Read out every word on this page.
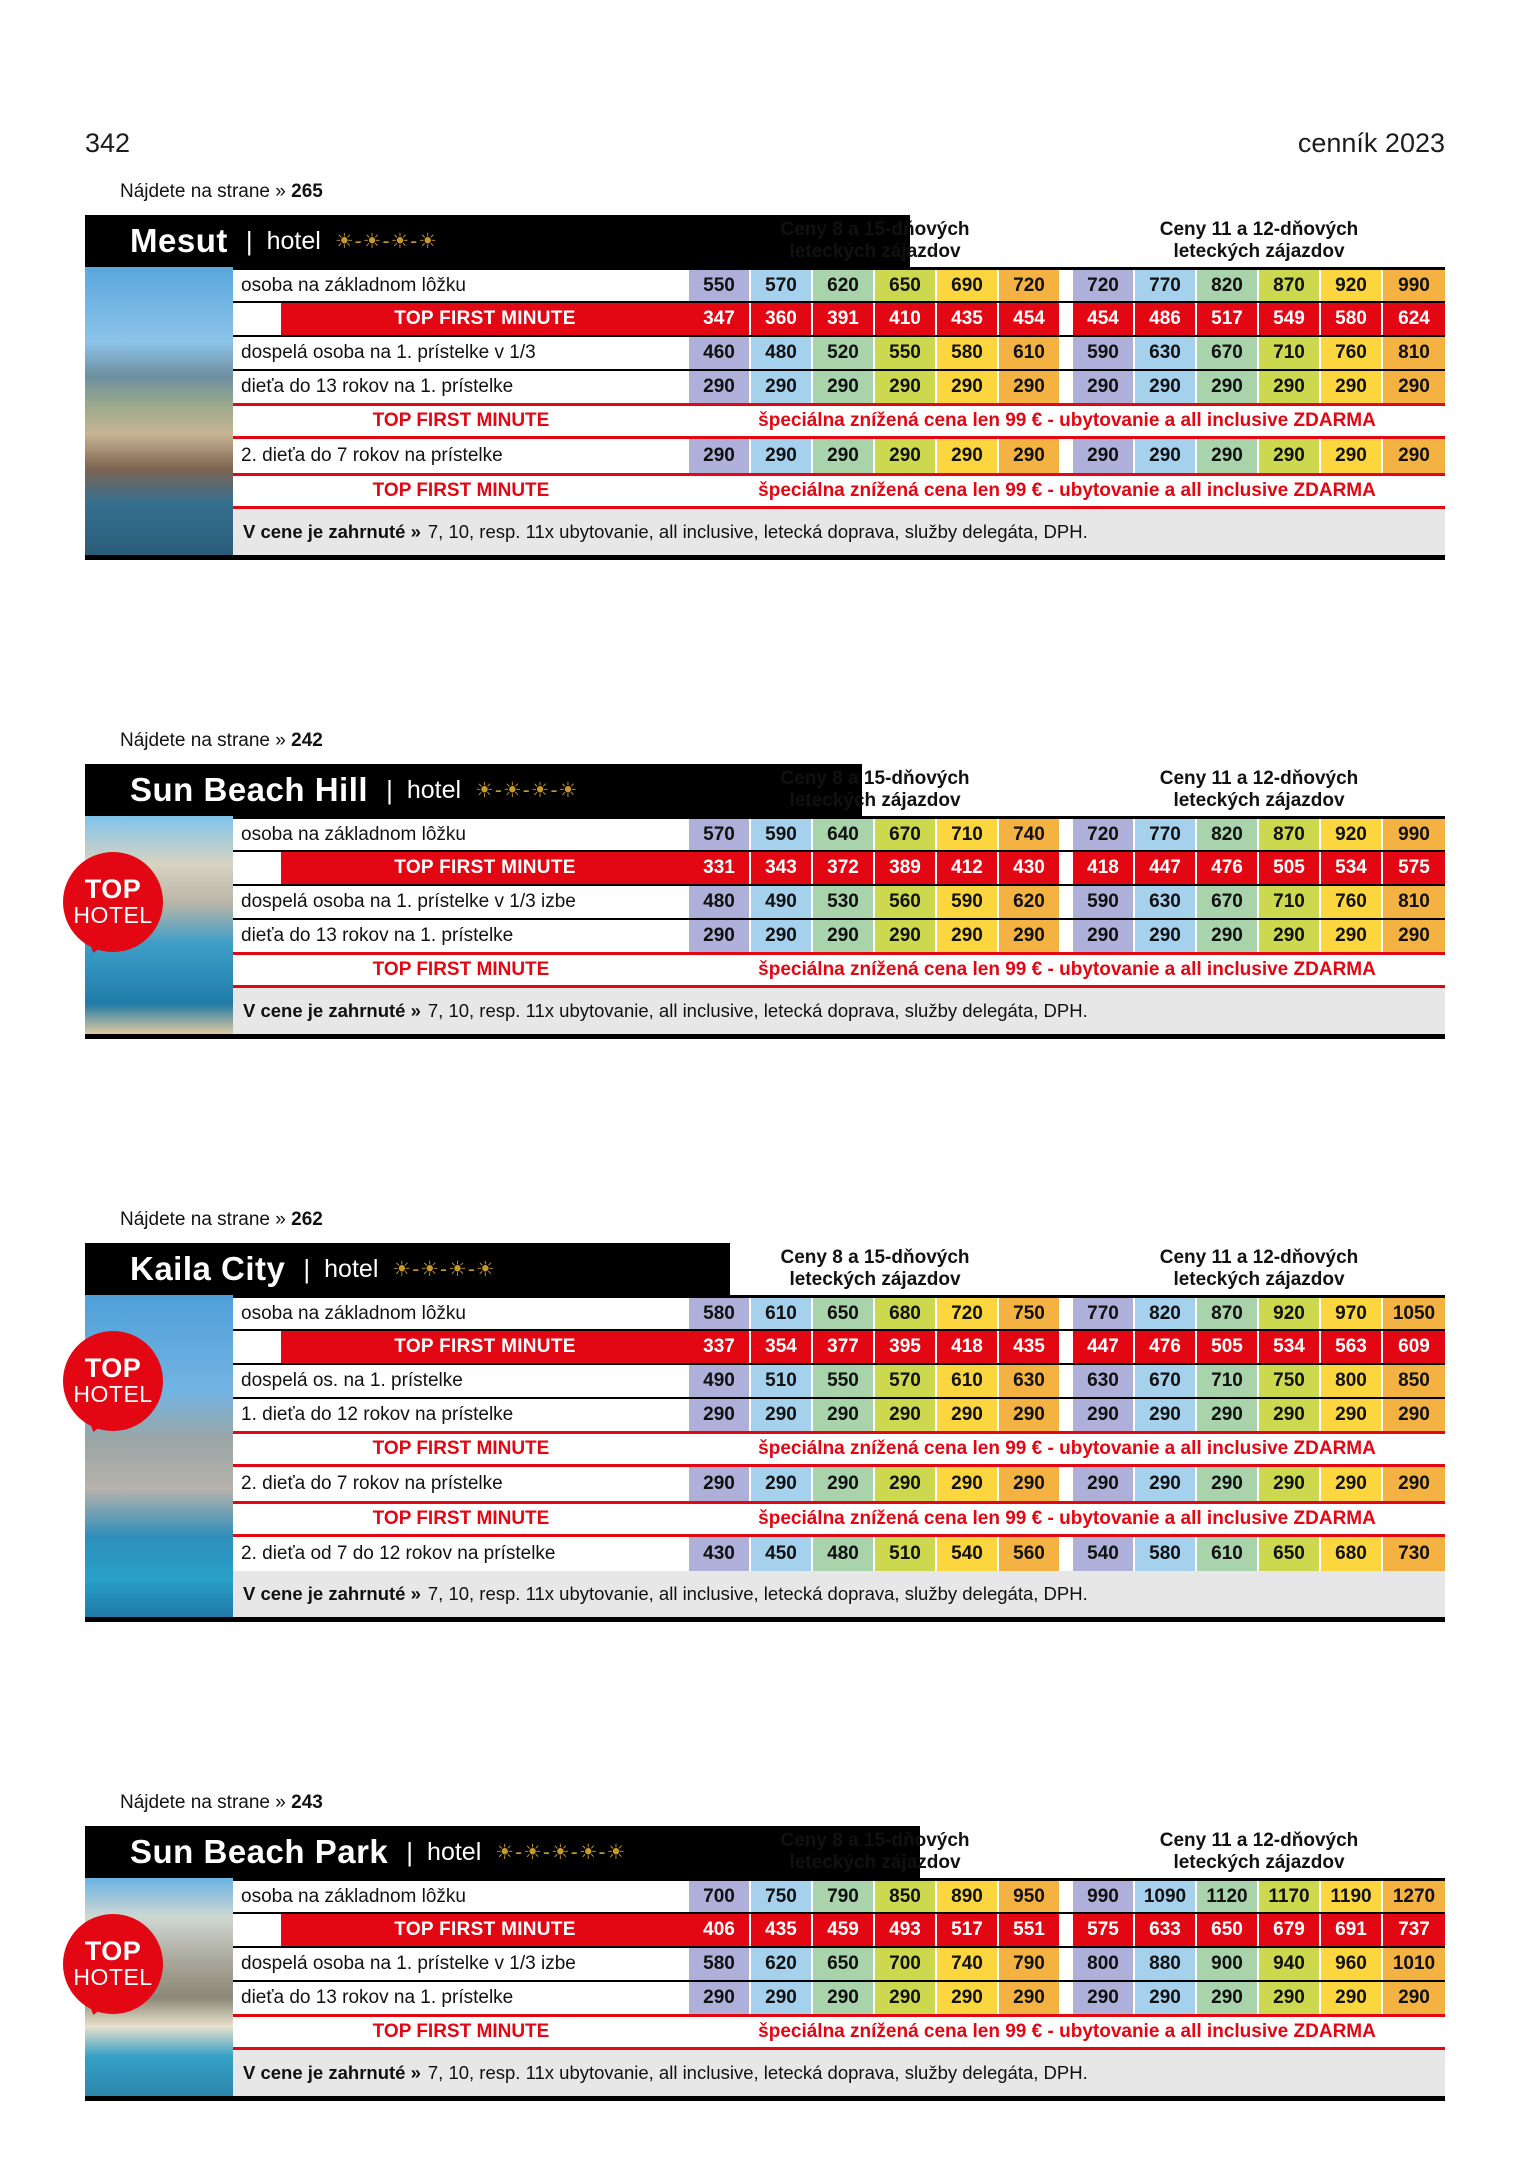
342	cenník 2023
Nájdete na strane » 265
Mesut | hotel ☀-☀-☀-☀	Ceny 8 a 15-dňových
leteckých zájazdov
Ceny 11 a 12-dňových
leteckých zájazdov
osoba na základnom lôžku	550	570	620	650	690	720	720	770	820	870	920	990
TOP FIRST MINUTE	347	360	391	410	435	454	454	486	517	549	580	624
dospelá osoba na 1. prístelke v 1/3	460	480	520	550	580	610	590	630	670	710	760	810
dieťa do 13 rokov na 1. prístelke	290	290	290	290	290	290	290	290	290	290	290	290
TOP FIRST MINUTE	špeciálna znížená cena len 99 € - ubytovanie a all inclusive ZDARMA
2. dieťa do 7 rokov na prístelke	290	290	290	290	290	290	290	290	290	290	290	290
TOP FIRST MINUTE	špeciálna znížená cena len 99 € - ubytovanie a all inclusive ZDARMA
V cene je zahrnuté » 7, 10, resp. 11x ubytovanie, all inclusive, letecká doprava, služby delegáta, DPH.
Nájdete na strane » 242
Sun Beach Hill | hotel ☀-☀-☀-☀	Ceny 8 a 15-dňových
leteckých zájazdov
Ceny 11 a 12-dňových
leteckých zájazdov
TOP
HOTEL
osoba na základnom lôžku	570	590	640	670	710	740	720	770	820	870	920	990
TOP FIRST MINUTE	331	343	372	389	412	430	418	447	476	505	534	575
dospelá osoba na 1. prístelke v 1/3 izbe	480	490	530	560	590	620	590	630	670	710	760	810
dieťa do 13 rokov na 1. prístelke	290	290	290	290	290	290	290	290	290	290	290	290
TOP FIRST MINUTE	špeciálna znížená cena len 99 € - ubytovanie a all inclusive ZDARMA
V cene je zahrnuté » 7, 10, resp. 11x ubytovanie, all inclusive, letecká doprava, služby delegáta, DPH.
Nájdete na strane » 262
Kaila City | hotel ☀-☀-☀-☀	Ceny 8 a 15-dňových
leteckých zájazdov
Ceny 11 a 12-dňových
leteckých zájazdov
TOP
HOTEL
osoba na základnom lôžku	580	610	650	680	720	750	770	820	870	920	970	1050
TOP FIRST MINUTE	337	354	377	395	418	435	447	476	505	534	563	609
dospelá os. na 1. prístelke	490	510	550	570	610	630	630	670	710	750	800	850
1. dieťa do 12 rokov na prístelke	290	290	290	290	290	290	290	290	290	290	290	290
TOP FIRST MINUTE	špeciálna znížená cena len 99 € - ubytovanie a all inclusive ZDARMA
2. dieťa do 7 rokov na prístelke	290	290	290	290	290	290	290	290	290	290	290	290
TOP FIRST MINUTE	špeciálna znížená cena len 99 € - ubytovanie a all inclusive ZDARMA
2. dieťa od 7 do 12 rokov na prístelke	430	450	480	510	540	560	540	580	610	650	680	730
V cene je zahrnuté » 7, 10, resp. 11x ubytovanie, all inclusive, letecká doprava, služby delegáta, DPH.
Nájdete na strane » 243
Sun Beach Park | hotel ☀-☀-☀-☀-☀	Ceny 8 a 15-dňových
leteckých zájazdov
Ceny 11 a 12-dňových
leteckých zájazdov
TOP
HOTEL
osoba na základnom lôžku	700	750	790	850	890	950	990	1090	1120	1170	1190	1270
TOP FIRST MINUTE	406	435	459	493	517	551	575	633	650	679	691	737
dospelá osoba na 1. prístelke v 1/3 izbe	580	620	650	700	740	790	800	880	900	940	960	1010
dieťa do 13 rokov na 1. prístelke	290	290	290	290	290	290	290	290	290	290	290	290
TOP FIRST MINUTE	špeciálna znížená cena len 99 € - ubytovanie a all inclusive ZDARMA
V cene je zahrnuté » 7, 10, resp. 11x ubytovanie, all inclusive, letecká doprava, služby delegáta, DPH.
